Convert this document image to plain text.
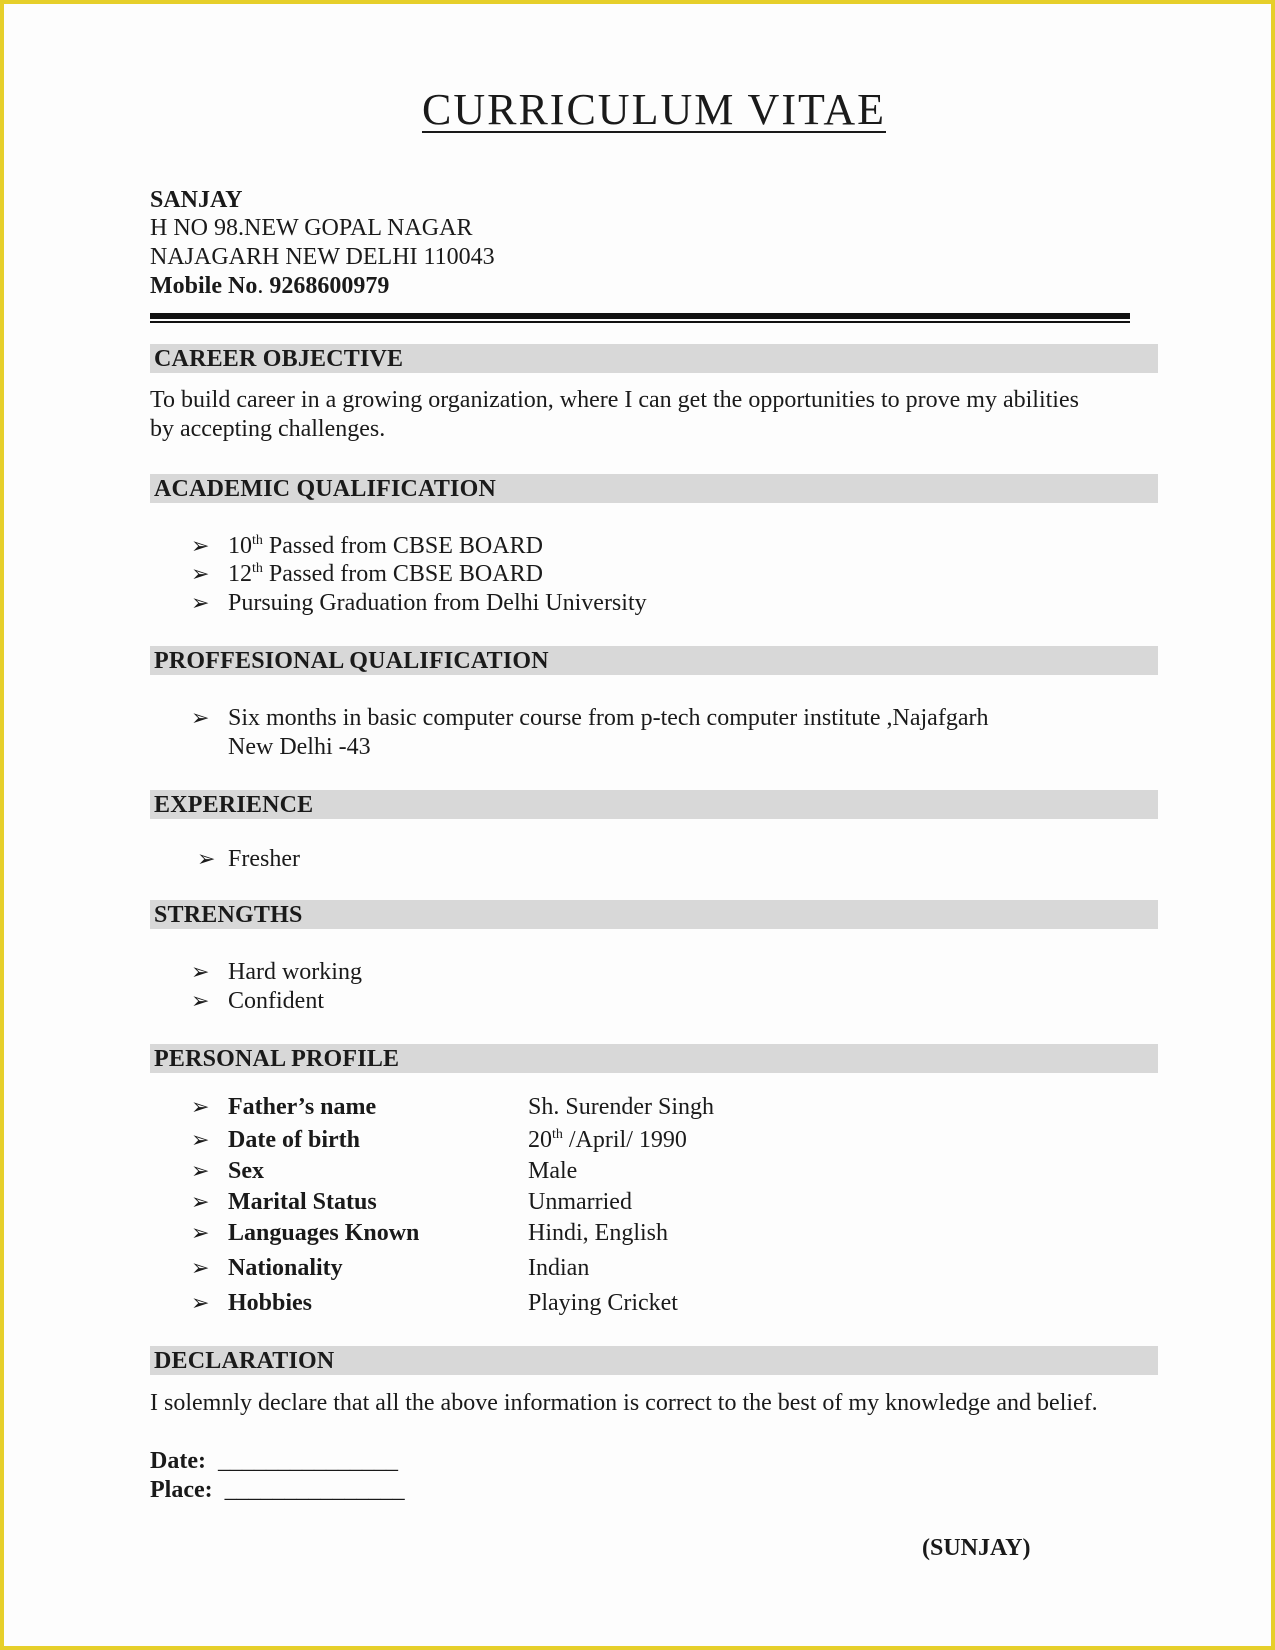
CURRICULUM VITAE
SANJAY
H NO 98.NEW GOPAL NAGAR
NAJAGARH NEW DELHI 110043
Mobile No. 9268600979
CAREER OBJECTIVE
To build career in a growing organization, where I can get the opportunities to prove my abilities
by accepting challenges.
ACADEMIC QUALIFICATION
➢ 10th Passed from CBSE BOARD
➢ 12th Passed from CBSE BOARD
➢ Pursuing Graduation from Delhi University
PROFFESIONAL QUALIFICATION
➢ Six months in basic computer course from p-tech computer institute ,Najafgarh
New Delhi -43
EXPERIENCE
➢ Fresher
STRENGTHS
➢ Hard working
➢ Confident
PERSONAL PROFILE
➢ Father’s name	Sh. Surender Singh
➢ Date of birth	20th /April/ 1990
➢ Sex	Male
➢ Marital Status	Unmarried
➢ Languages Known	Hindi, English
➢ Nationality	Indian
➢ Hobbies	Playing Cricket
DECLARATION
I solemnly declare that all the above information is correct to the best of my knowledge and belief.
Date: _______________
Place: _______________
(SUNJAY)
